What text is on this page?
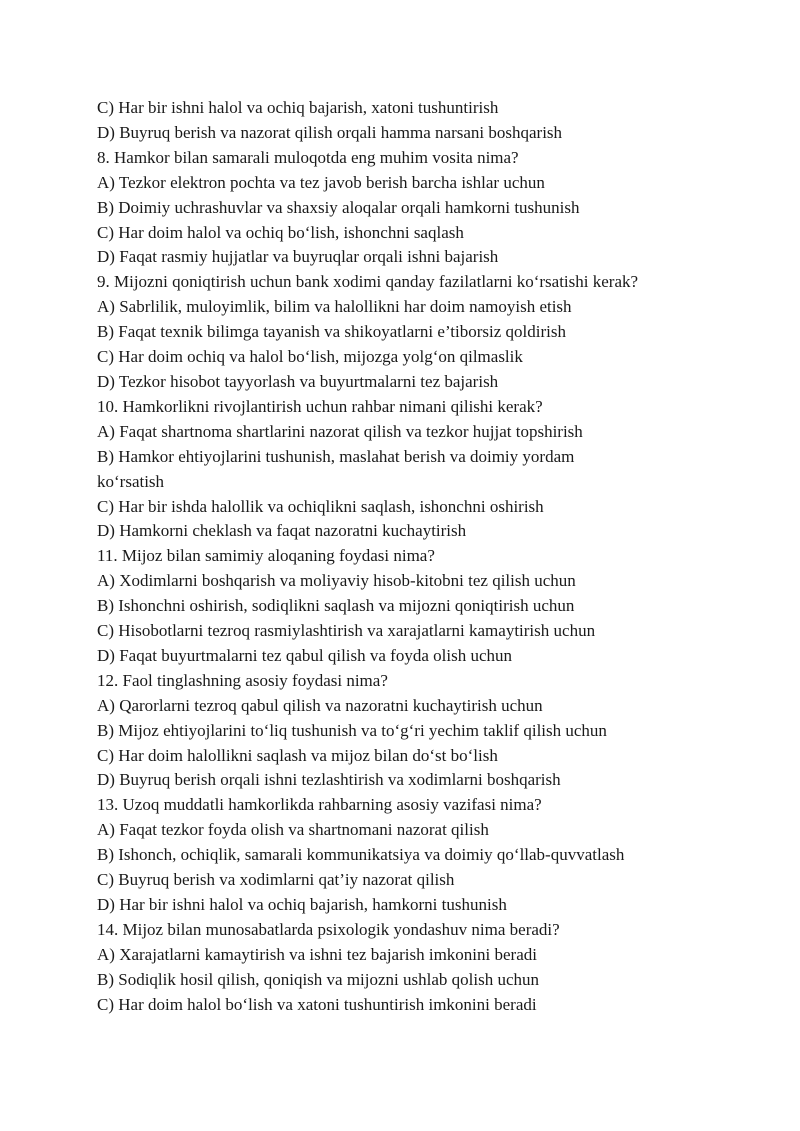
C) Har bir ishni halol va ochiq bajarish, xatoni tushuntirish
D) Buyruq berish va nazorat qilish orqali hamma narsani boshqarish
8. Hamkor bilan samarali muloqotda eng muhim vosita nima?
A) Tezkor elektron pochta va tez javob berish barcha ishlar uchun
B) Doimiy uchrashuvlar va shaxsiy aloqalar orqali hamkorni tushunish
C) Har doim halol va ochiq bo‘lish, ishonchni saqlash
D) Faqat rasmiy hujjatlar va buyruqlar orqali ishni bajarish
9. Mijozni qoniqtirish uchun bank xodimi qanday fazilatlarni ko‘rsatishi kerak?
A) Sabrlilik, muloyimlik, bilim va halollikni har doim namoyish etish
B) Faqat texnik bilimga tayanish va shikoyatlarni e’tiborsiz qoldirish
C) Har doim ochiq va halol bo‘lish, mijozga yolg‘on qilmaslik
D) Tezkor hisobot tayyorlash va buyurtmalarni tez bajarish
10. Hamkorlikni rivojlantirish uchun rahbar nimani qilishi kerak?
A) Faqat shartnoma shartlarini nazorat qilish va tezkor hujjat topshirish
B) Hamkor ehtiyojlarini tushunish, maslahat berish va doimiy yordam
ko‘rsatish
C) Har bir ishda halollik va ochiqlikni saqlash, ishonchni oshirish
D) Hamkorni cheklash va faqat nazoratni kuchaytirish
11. Mijoz bilan samimiy aloqaning foydasi nima?
A) Xodimlarni boshqarish va moliyaviy hisob-kitobni tez qilish uchun
B) Ishonchni oshirish, sodiqlikni saqlash va mijozni qoniqtirish uchun
C) Hisobotlarni tezroq rasmiylashtirish va xarajatlarni kamaytirish uchun
D) Faqat buyurtmalarni tez qabul qilish va foyda olish uchun
12. Faol tinglashning asosiy foydasi nima?
A) Qarorlarni tezroq qabul qilish va nazoratni kuchaytirish uchun
B) Mijoz ehtiyojlarini to‘liq tushunish va to‘g‘ri yechim taklif qilish uchun
C) Har doim halollikni saqlash va mijoz bilan do‘st bo‘lish
D) Buyruq berish orqali ishni tezlashtirish va xodimlarni boshqarish
13. Uzoq muddatli hamkorlikda rahbarning asosiy vazifasi nima?
A) Faqat tezkor foyda olish va shartnomani nazorat qilish
B) Ishonch, ochiqlik, samarali kommunikatsiya va doimiy qo‘llab-quvvatlash
C) Buyruq berish va xodimlarni qat’iy nazorat qilish
D) Har bir ishni halol va ochiq bajarish, hamkorni tushunish
14. Mijoz bilan munosabatlarda psixologik yondashuv nima beradi?
A) Xarajatlarni kamaytirish va ishni tez bajarish imkonini beradi
B) Sodiqlik hosil qilish, qoniqish va mijozni ushlab qolish uchun
C) Har doim halol bo‘lish va xatoni tushuntirish imkonini beradi
